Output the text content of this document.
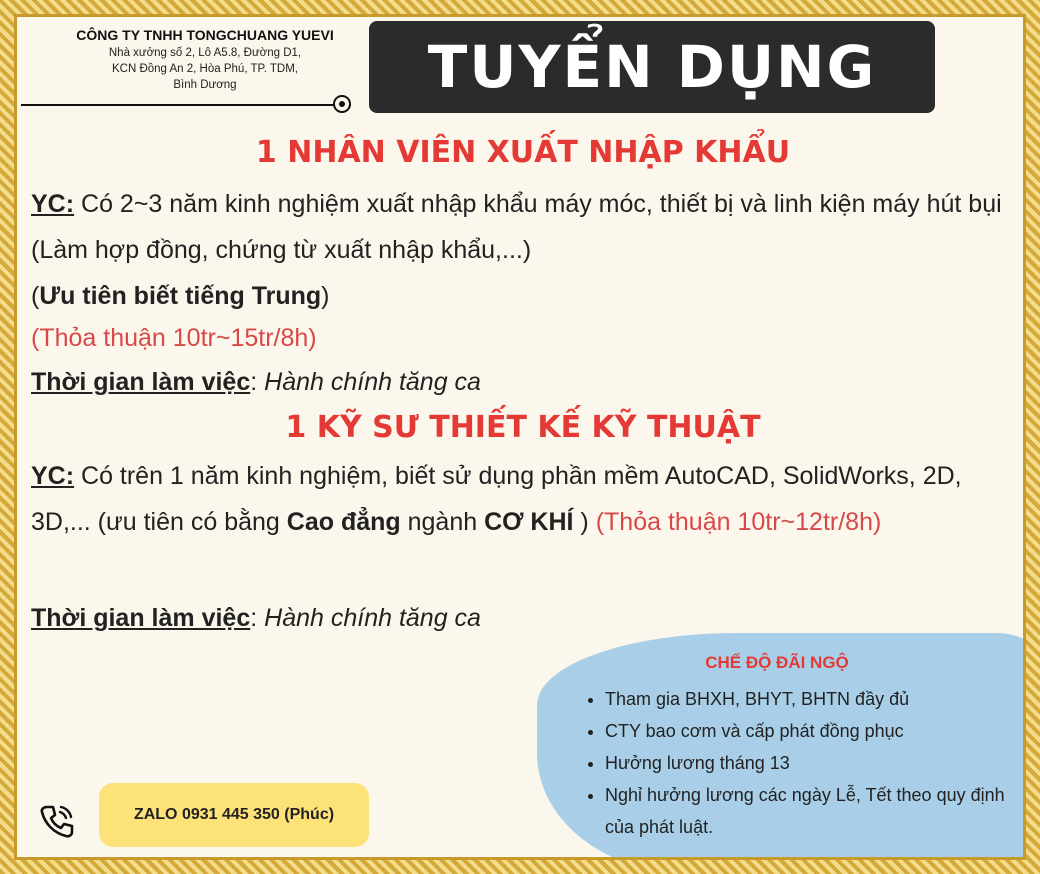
CÔNG TY TNHH TONGCHUANG YUEVI
Nhà xưởng số 2, Lô A5.8, Đường D1,
KCN Đồng An 2, Hòa Phú, TP. TDM,
Bình Dương	TUYỂN DỤNG
1 NHÂN VIÊN XUẤT NHẬP KHẨU
YC: Có 2~3 năm kinh nghiệm xuất nhập khẩu máy móc, thiết bị và linh kiện máy hút bụi (Làm hợp đồng, chứng từ xuất nhập khẩu,...)
(Ưu tiên biết tiếng Trung)
(Thỏa thuận 10tr~15tr/8h)
Thời gian làm việc: Hành chính tăng ca
1 KỸ SƯ THIẾT KẾ KỸ THUẬT
YC: Có trên 1 năm kinh nghiệm, biết sử dụng phần mềm AutoCAD, SolidWorks, 2D, 3D,... (ưu tiên có bằng Cao đẳng ngành CƠ KHÍ ) (Thỏa thuận 10tr~12tr/8h)
Thời gian làm việc: Hành chính tăng ca
CHẾ ĐỘ ĐÃI NGỘ
• Tham gia BHXH, BHYT, BHTN đầy đủ
• CTY bao cơm và cấp phát đồng phục
• Hưởng lương tháng 13
• Nghỉ hưởng lương các ngày Lễ, Tết theo quy định của phát luật.
ZALO 0931 445 350 (Phúc)
